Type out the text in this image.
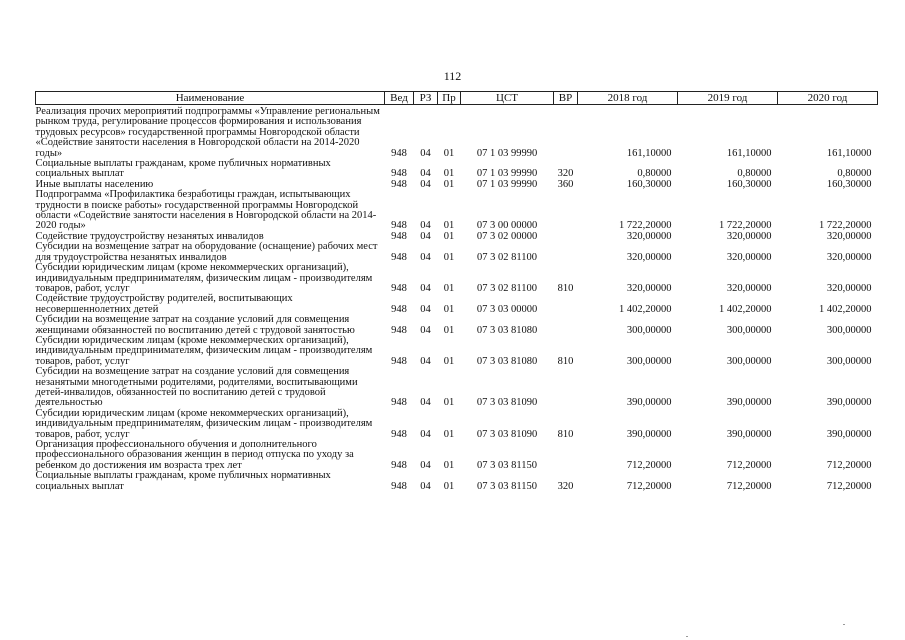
112
Наименование	Вед	РЗ	Пр	ЦСТ	ВР	2018 год	2019 год	2020 год
Реализация прочих мероприятий подпрограммы «Управление региональным рынком труда, регулирование процессов формирования и использования трудовых ресурсов» государственной программы Новгородской области «Содействие занятости населения в Новгородской области на 2014-2020 годы»	948	04	01	07 1 03 99990		161,10000	161,10000	161,10000
Социальные выплаты гражданам, кроме публичных нормативных социальных выплат	948	04	01	07 1 03 99990	320	0,80000	0,80000	0,80000
Иные выплаты населению	948	04	01	07 1 03 99990	360	160,30000	160,30000	160,30000
Подпрограмма «Профилактика безработицы граждан, испытывающих трудности в поиске работы» государственной программы Новгородской области «Содействие занятости населения в Новгородской области на 2014-2020 годы»	948	04	01	07 3 00 00000		1 722,20000	1 722,20000	1 722,20000
Содействие трудоустройству незанятых инвалидов	948	04	01	07 3 02 00000		320,00000	320,00000	320,00000
Субсидии на возмещение затрат на оборудование (оснащение) рабочих мест для трудоустройства незанятых инвалидов	948	04	01	07 3 02 81100		320,00000	320,00000	320,00000
Субсидии юридическим лицам (кроме некоммерческих организаций), индивидуальным предпринимателям, физическим лицам - производителям товаров, работ, услуг	948	04	01	07 3 02 81100	810	320,00000	320,00000	320,00000
Содействие трудоустройству родителей, воспитывающих несовершеннолетних детей	948	04	01	07 3 03 00000		1 402,20000	1 402,20000	1 402,20000
Субсидии на возмещение затрат на создание условий для совмещения женщинами обязанностей по воспитанию детей с трудовой занятостью	948	04	01	07 3 03 81080		300,00000	300,00000	300,00000
Субсидии юридическим лицам (кроме некоммерческих организаций), индивидуальным предпринимателям, физическим лицам - производителям товаров, работ, услуг	948	04	01	07 3 03 81080	810	300,00000	300,00000	300,00000
Субсидии на возмещение затрат на создание условий для совмещения незанятыми многодетными родителями, родителями, воспитывающими детей-инвалидов, обязанностей по воспитанию детей с трудовой деятельностью	948	04	01	07 3 03 81090		390,00000	390,00000	390,00000
Субсидии юридическим лицам (кроме некоммерческих организаций), индивидуальным предпринимателям, физическим лицам - производителям товаров, работ, услуг	948	04	01	07 3 03 81090	810	390,00000	390,00000	390,00000
Организация профессионального обучения и дополнительного профессионального образования женщин в период отпуска по уходу за ребенком до достижения им возраста трех лет	948	04	01	07 3 03 81150		712,20000	712,20000	712,20000
Социальные выплаты гражданам, кроме публичных нормативных социальных выплат	948	04	01	07 3 03 81150	320	712,20000	712,20000	712,20000
